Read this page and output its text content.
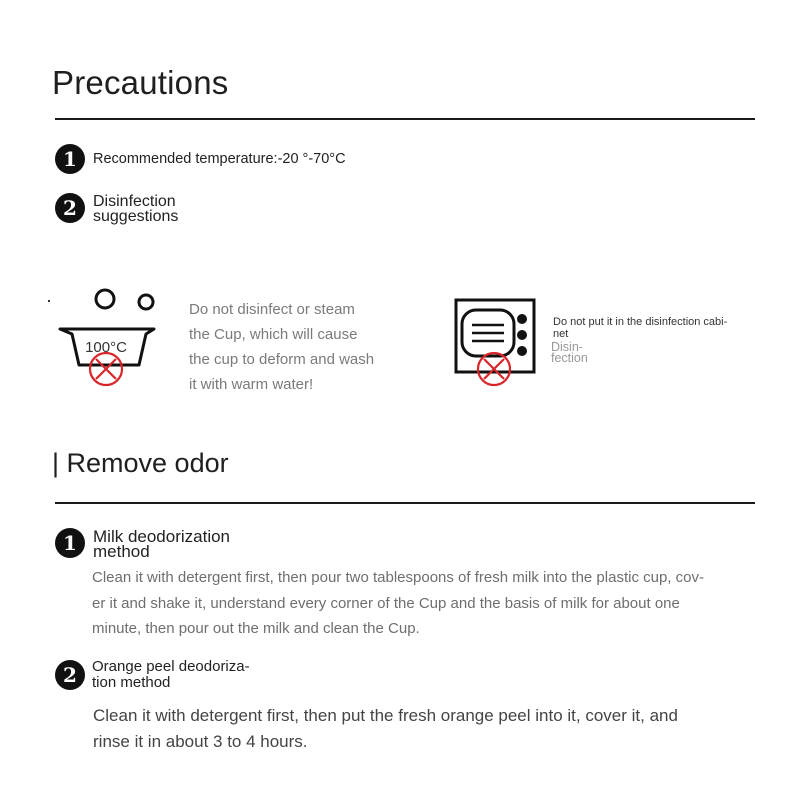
Precautions
1	Recommended temperature:-20 °-70°C
2	Disinfection
suggestions
100°C
Do not disinfect or steam
the Cup, which will cause
the cup to deform and wash
it with warm water!
Do not put it in the disinfection cabi-
net
Disin-
fection
| Remove odor
1 Milk deodorization
method
Clean it with detergent first, then pour two tablespoons of fresh milk into the plastic cup, cov-
er it and shake it, understand every corner of the Cup and the basis of milk for about one
minute, then pour out the milk and clean the Cup.
2	Orange peel deodoriza-
tion method
Clean it with detergent first, then put the fresh orange peel into it, cover it, and
rinse it in about 3 to 4 hours.
